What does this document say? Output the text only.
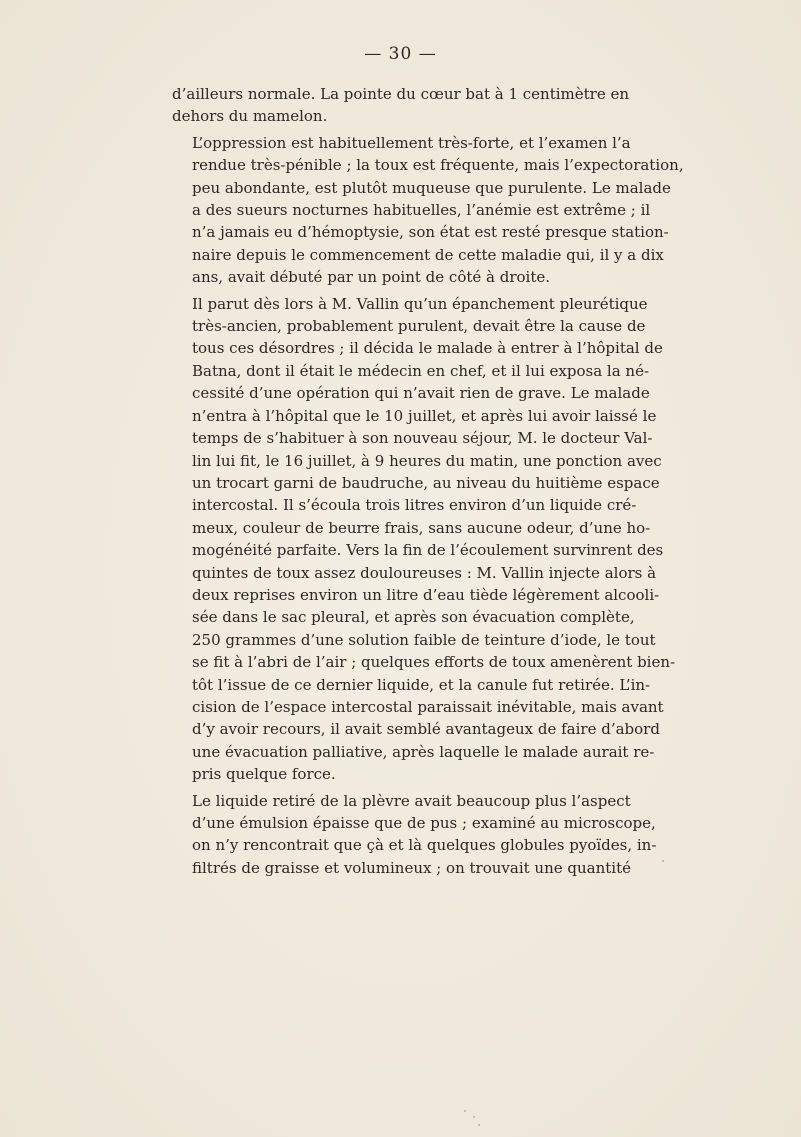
— 30 —

d’ailleurs normale. La pointe du cœur bat à 1 centimètre en
dehors du mamelon.

L’oppression est habituellement très-forte, et l’examen l’a
rendue très-pénible ; la toux est fréquente, mais l’expectoration,
peu abondante, est plutôt muqueuse que purulente. Le malade
a des sueurs nocturnes habituelles, l’anémie est extrême ; il
n’a jamais eu d’hémoptysie, son état est resté presque station-
naire depuis le commencement de cette maladie qui, il y a dix
ans, avait débuté par un point de côté à droite.

Il parut dès lors à M. Vallin qu’un épanchement pleurétique
très-ancien, probablement purulent, devait être la cause de
tous ces désordres ; il décida le malade à entrer à l’hôpital de
Batna, dont il était le médecin en chef, et il lui exposa la né-
cessité d’une opération qui n’avait rien de grave. Le malade
n’entra à l’hôpital que le 10 juillet, et après lui avoir laissé le
temps de s’habituer à son nouveau séjour, M. le docteur Val-
lin lui fit, le 16 juillet, à 9 heures du matin, une ponction avec
un trocart garni de baudruche, au niveau du huitième espace
intercostal. Il s’écoula trois litres environ d’un liquide cré-
meux, couleur de beurre frais, sans aucune odeur, d’une ho-
mogénéité parfaite. Vers la fin de l’écoulement survinrent des
quintes de toux assez douloureuses : M. Vallin injecte alors à
deux reprises environ un litre d’eau tiède légèrement alcooli-
sée dans le sac pleural, et après son évacuation complète,
250 grammes d’une solution faible de teinture d’iode, le tout
se fit à l’abri de l’air ; quelques efforts de toux amenèrent bien-
tôt l’issue de ce dernier liquide, et la canule fut retirée. L’in-
cision de l’espace intercostal paraissait inévitable, mais avant
d’y avoir recours, il avait semblé avantageux de faire d’abord
une évacuation palliative, après laquelle le malade aurait re-
pris quelque force.

Le liquide retiré de la plèvre avait beaucoup plus l’aspect
d’une émulsion épaisse que de pus ; examiné au microscope,
on n’y rencontrait que çà et là quelques globules pyoïdes, in-
filtrés de graisse et volumineux ; on trouvait une quantité
